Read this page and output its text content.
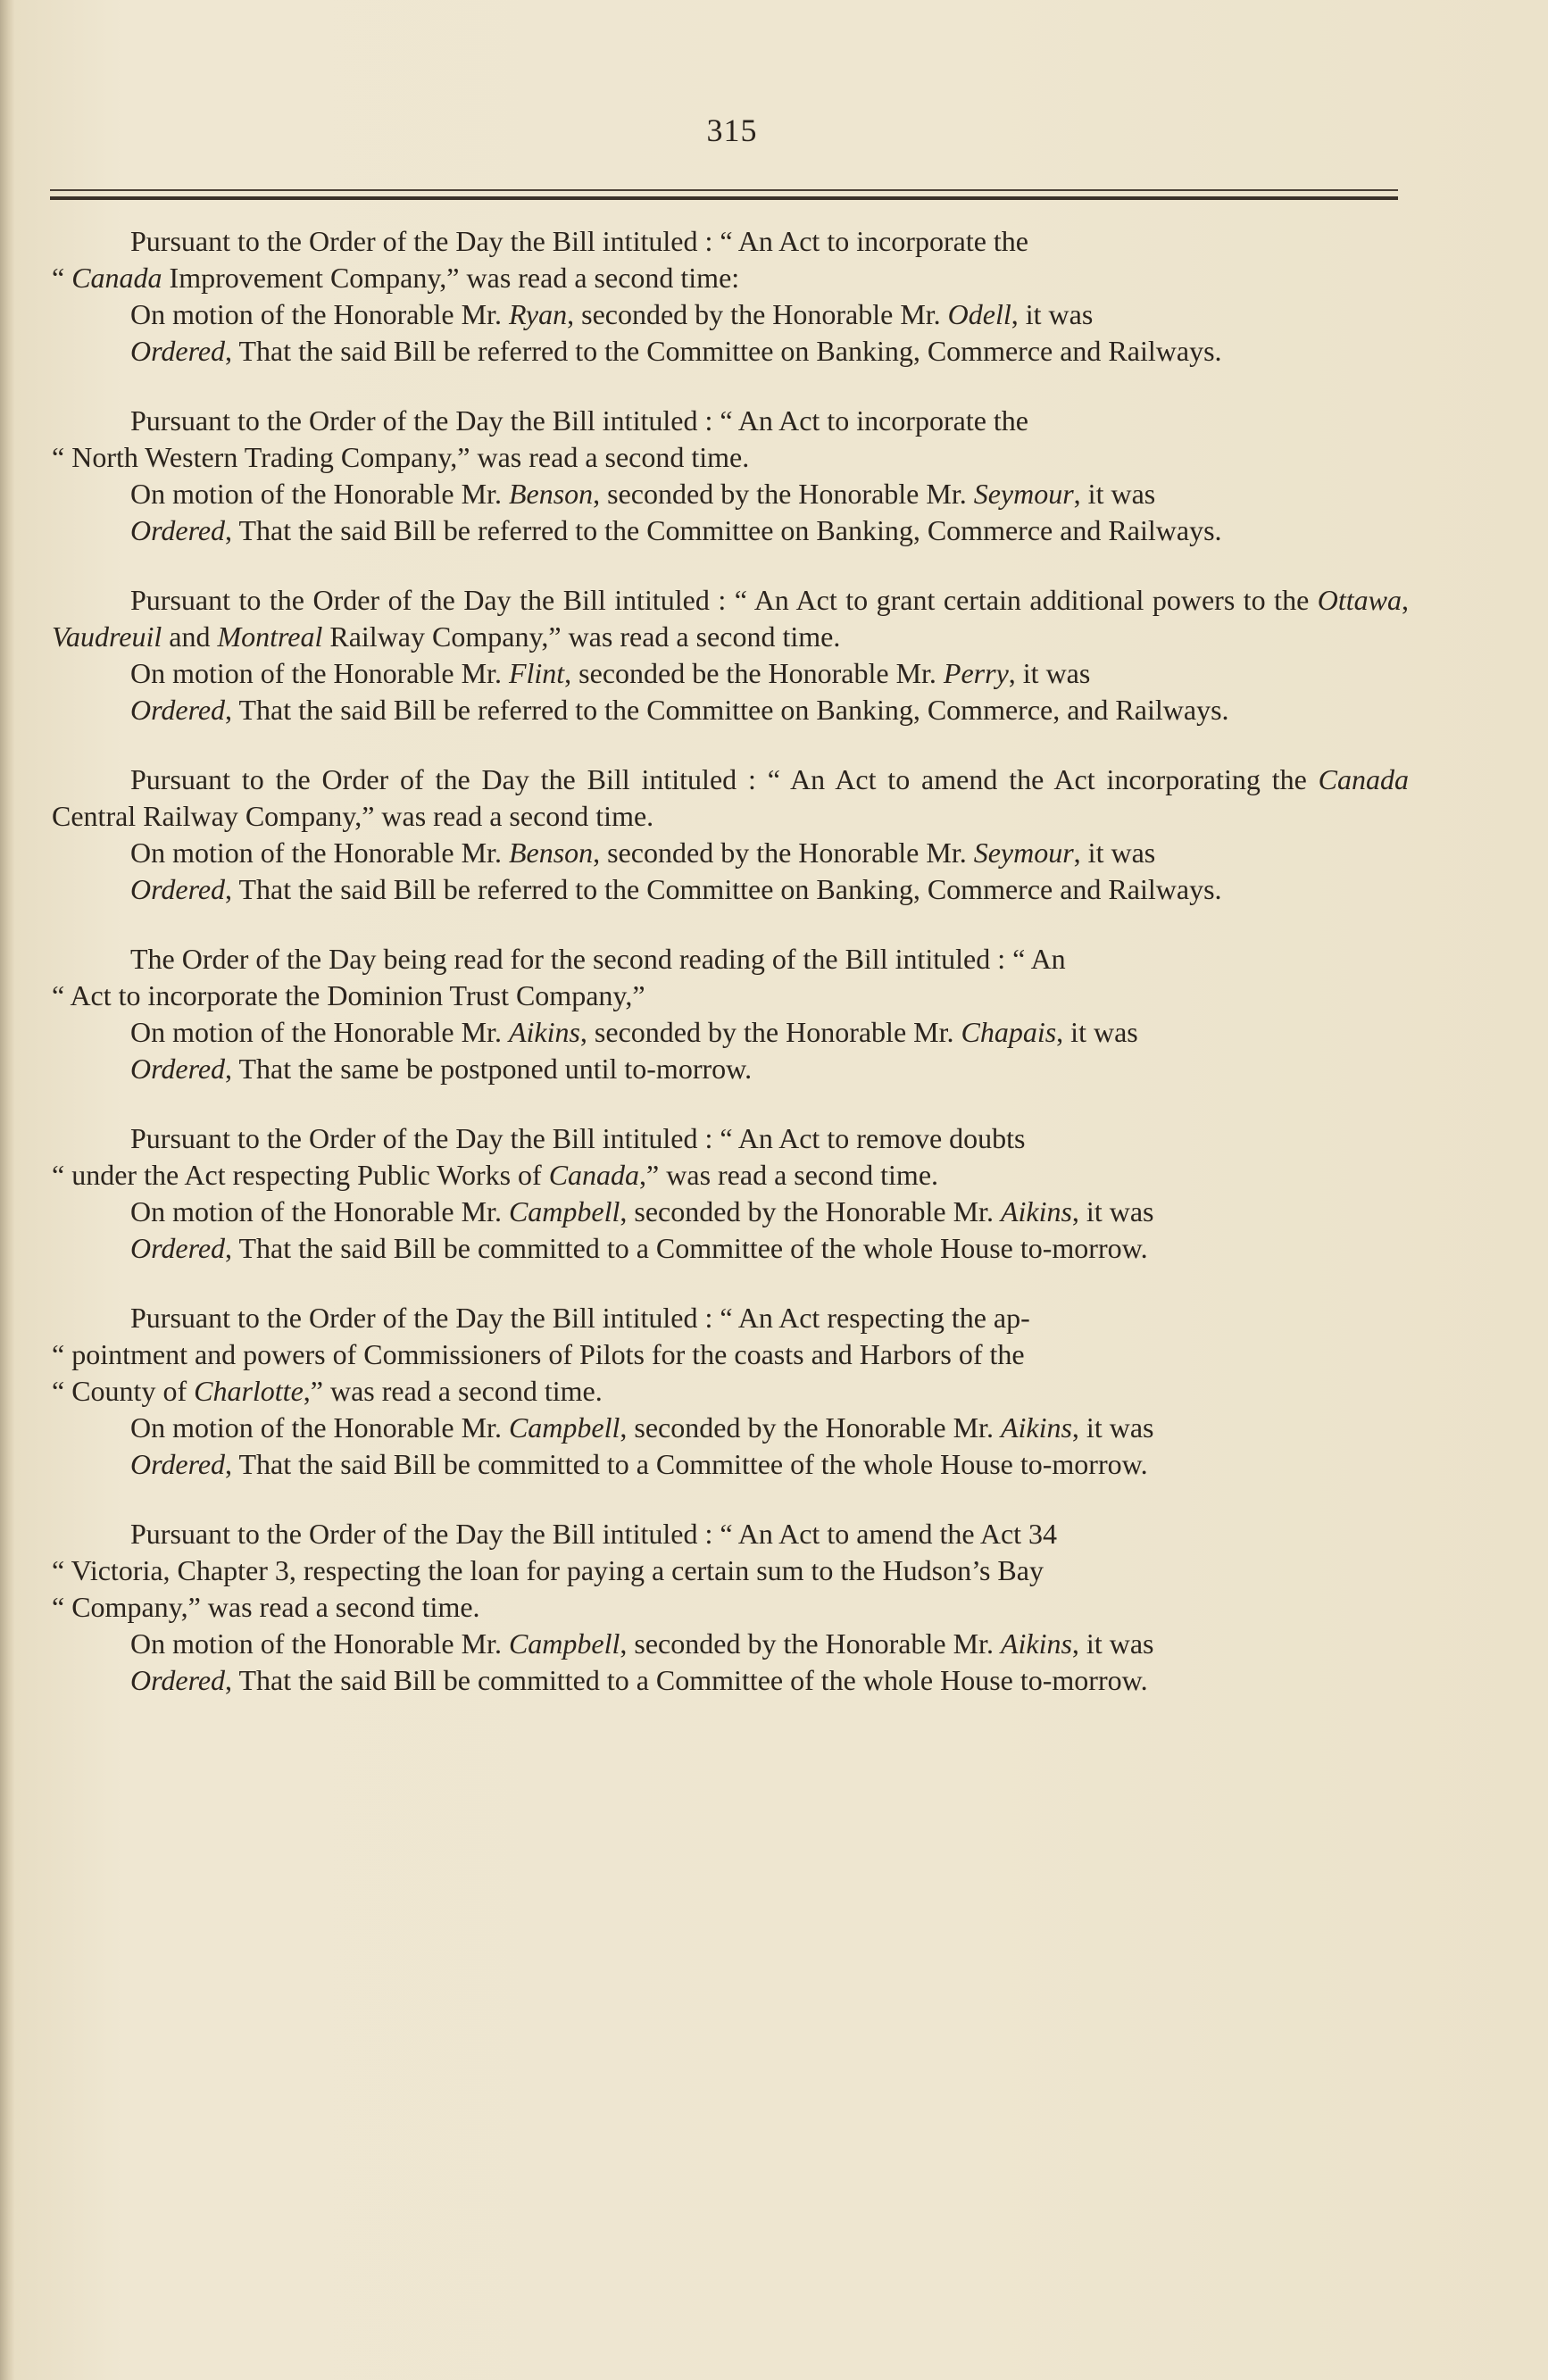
315

Pursuant to the Order of the Day the Bill intituled : “ An Act to incorporate the
“ Canada Improvement Company,” was read a second time:

On motion of the Honorable Mr. Ryan, seconded by the Honorable Mr. Odell, it was

Ordered, That the said Bill be referred to the Committee on Banking, Commerce and Railways.

Pursuant to the Order of the Day the Bill intituled : “ An Act to incorporate the
“ North Western Trading Company,” was read a second time.

On motion of the Honorable Mr. Benson, seconded by the Honorable Mr. Seymour, it was

Ordered, That the said Bill be referred to the Committee on Banking, Commerce and Railways.

Pursuant to the Order of the Day the Bill intituled : “ An Act to grant certain additional powers to the Ottawa, Vaudreuil and Montreal Railway Company,” was read a second time.

On motion of the Honorable Mr. Flint, seconded be the Honorable Mr. Perry, it was

Ordered, That the said Bill be referred to the Committee on Banking, Commerce, and Railways.

Pursuant to the Order of the Day the Bill intituled : “ An Act to amend the Act incorporating the Canada Central Railway Company,” was read a second time.

On motion of the Honorable Mr. Benson, seconded by the Honorable Mr. Seymour, it was

Ordered, That the said Bill be referred to the Committee on Banking, Commerce and Railways.

The Order of the Day being read for the second reading of the Bill intituled : “ An
“ Act to incorporate the Dominion Trust Company,”

On motion of the Honorable Mr. Aikins, seconded by the Honorable Mr. Chapais, it was

Ordered, That the same be postponed until to-morrow.

Pursuant to the Order of the Day the Bill intituled : “ An Act to remove doubts
“ under the Act respecting Public Works of Canada,” was read a second time.

On motion of the Honorable Mr. Campbell, seconded by the Honorable Mr. Aikins, it was

Ordered, That the said Bill be committed to a Committee of the whole House to-morrow.

Pursuant to the Order of the Day the Bill intituled : “ An Act respecting the ap-
“ pointment and powers of Commissioners of Pilots for the coasts and Harbors of the
“ County of Charlotte,” was read a second time.

On motion of the Honorable Mr. Campbell, seconded by the Honorable Mr. Aikins, it was

Ordered, That the said Bill be committed to a Committee of the whole House to-morrow.

Pursuant to the Order of the Day the Bill intituled : “ An Act to amend the Act 34
“ Victoria, Chapter 3, respecting the loan for paying a certain sum to the Hudson’s Bay
“ Company,” was read a second time.

On motion of the Honorable Mr. Campbell, seconded by the Honorable Mr. Aikins, it was

Ordered, That the said Bill be committed to a Committee of the whole House to-morrow.
